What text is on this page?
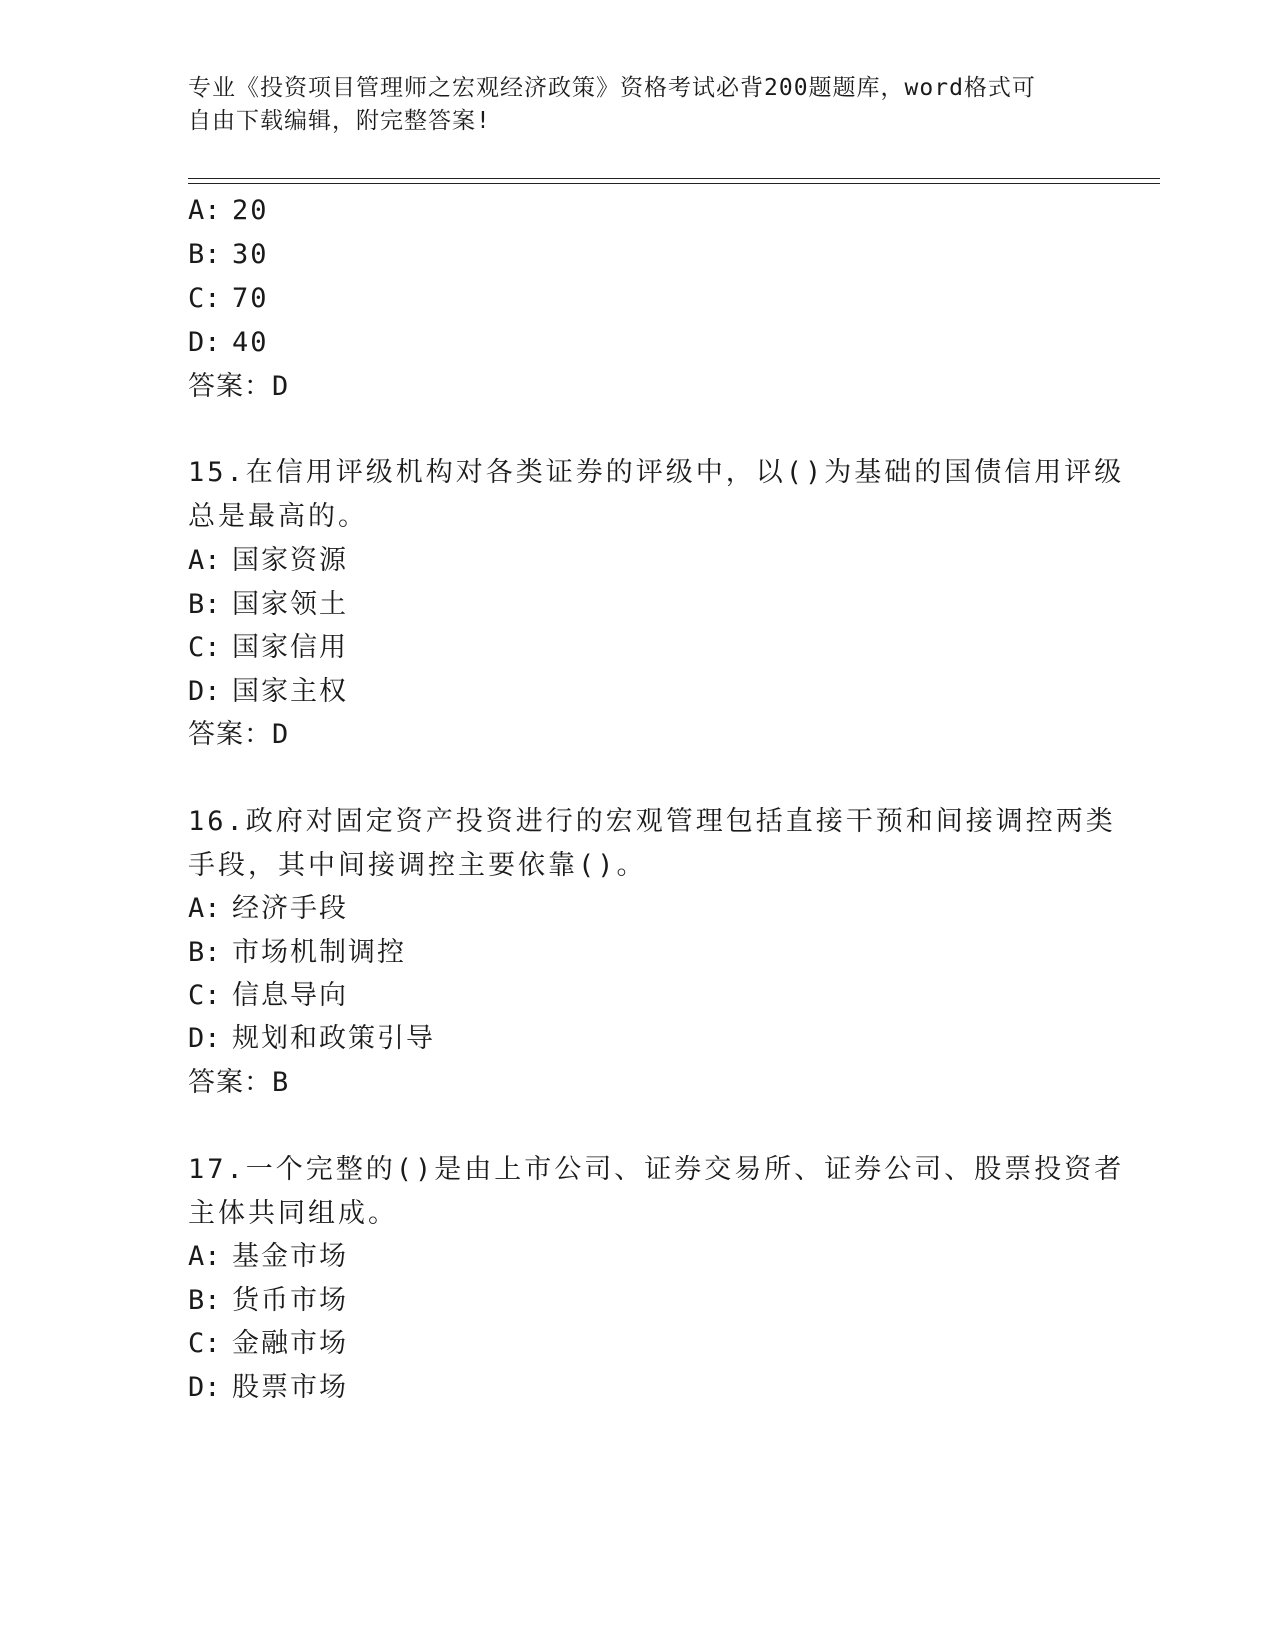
专业《投资项目管理师之宏观经济政策》资格考试必背200题题库，word格式可
自由下载编辑，附完整答案!
A: 20
B: 30
C: 70
D: 40
答案：D
15.在信用评级机构对各类证券的评级中，以()为基础的国债信用评级
总是最高的。
A: 国家资源
B: 国家领土
C: 国家信用
D: 国家主权
答案：D
16.政府对固定资产投资进行的宏观管理包括直接干预和间接调控两类
手段，其中间接调控主要依靠()。
A: 经济手段
B: 市场机制调控
C: 信息导向
D: 规划和政策引导
答案：B
17.一个完整的()是由上市公司、证券交易所、证券公司、股票投资者
主体共同组成。
A: 基金市场
B: 货币市场
C: 金融市场
D: 股票市场
